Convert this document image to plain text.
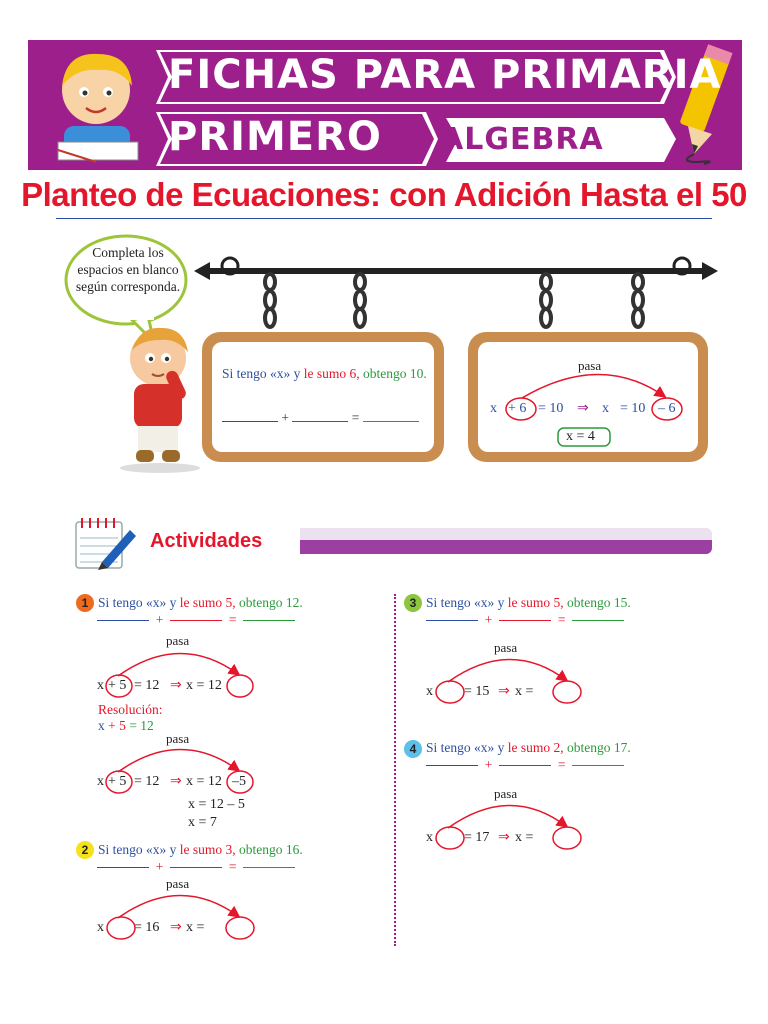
FICHAS PARA PRIMARIA
PRIMERO ALGEBRA
Planteo de Ecuaciones: con Adición Hasta el 50
Completa los espacios en blanco según corresponda.
Si tengo «x» y le sumo 6, obtengo 10.
+	=
pasa
x + 6 = 10 ⇒ x = 10 – 6
x = 4
Actividades
1 Si tengo «x» y le sumo 5, obtengo 12.
+	=
pasa
x + 5 = 12 ⇒ x = 12
Resolución:
x + 5 = 12
pasa
x + 5 = 12 ⇒ x = 12 –5
x = 12 – 5
x = 7
2 Si tengo «x» y le sumo 3, obtengo 16.
+	=
pasa
x = 16 ⇒ x =
3 Si tengo «x» y le sumo 5, obtengo 15.
+	=
pasa
x = 15 ⇒ x =
4 Si tengo «x» y le sumo 2, obtengo 17.
+	=
pasa
x = 17 ⇒ x =
